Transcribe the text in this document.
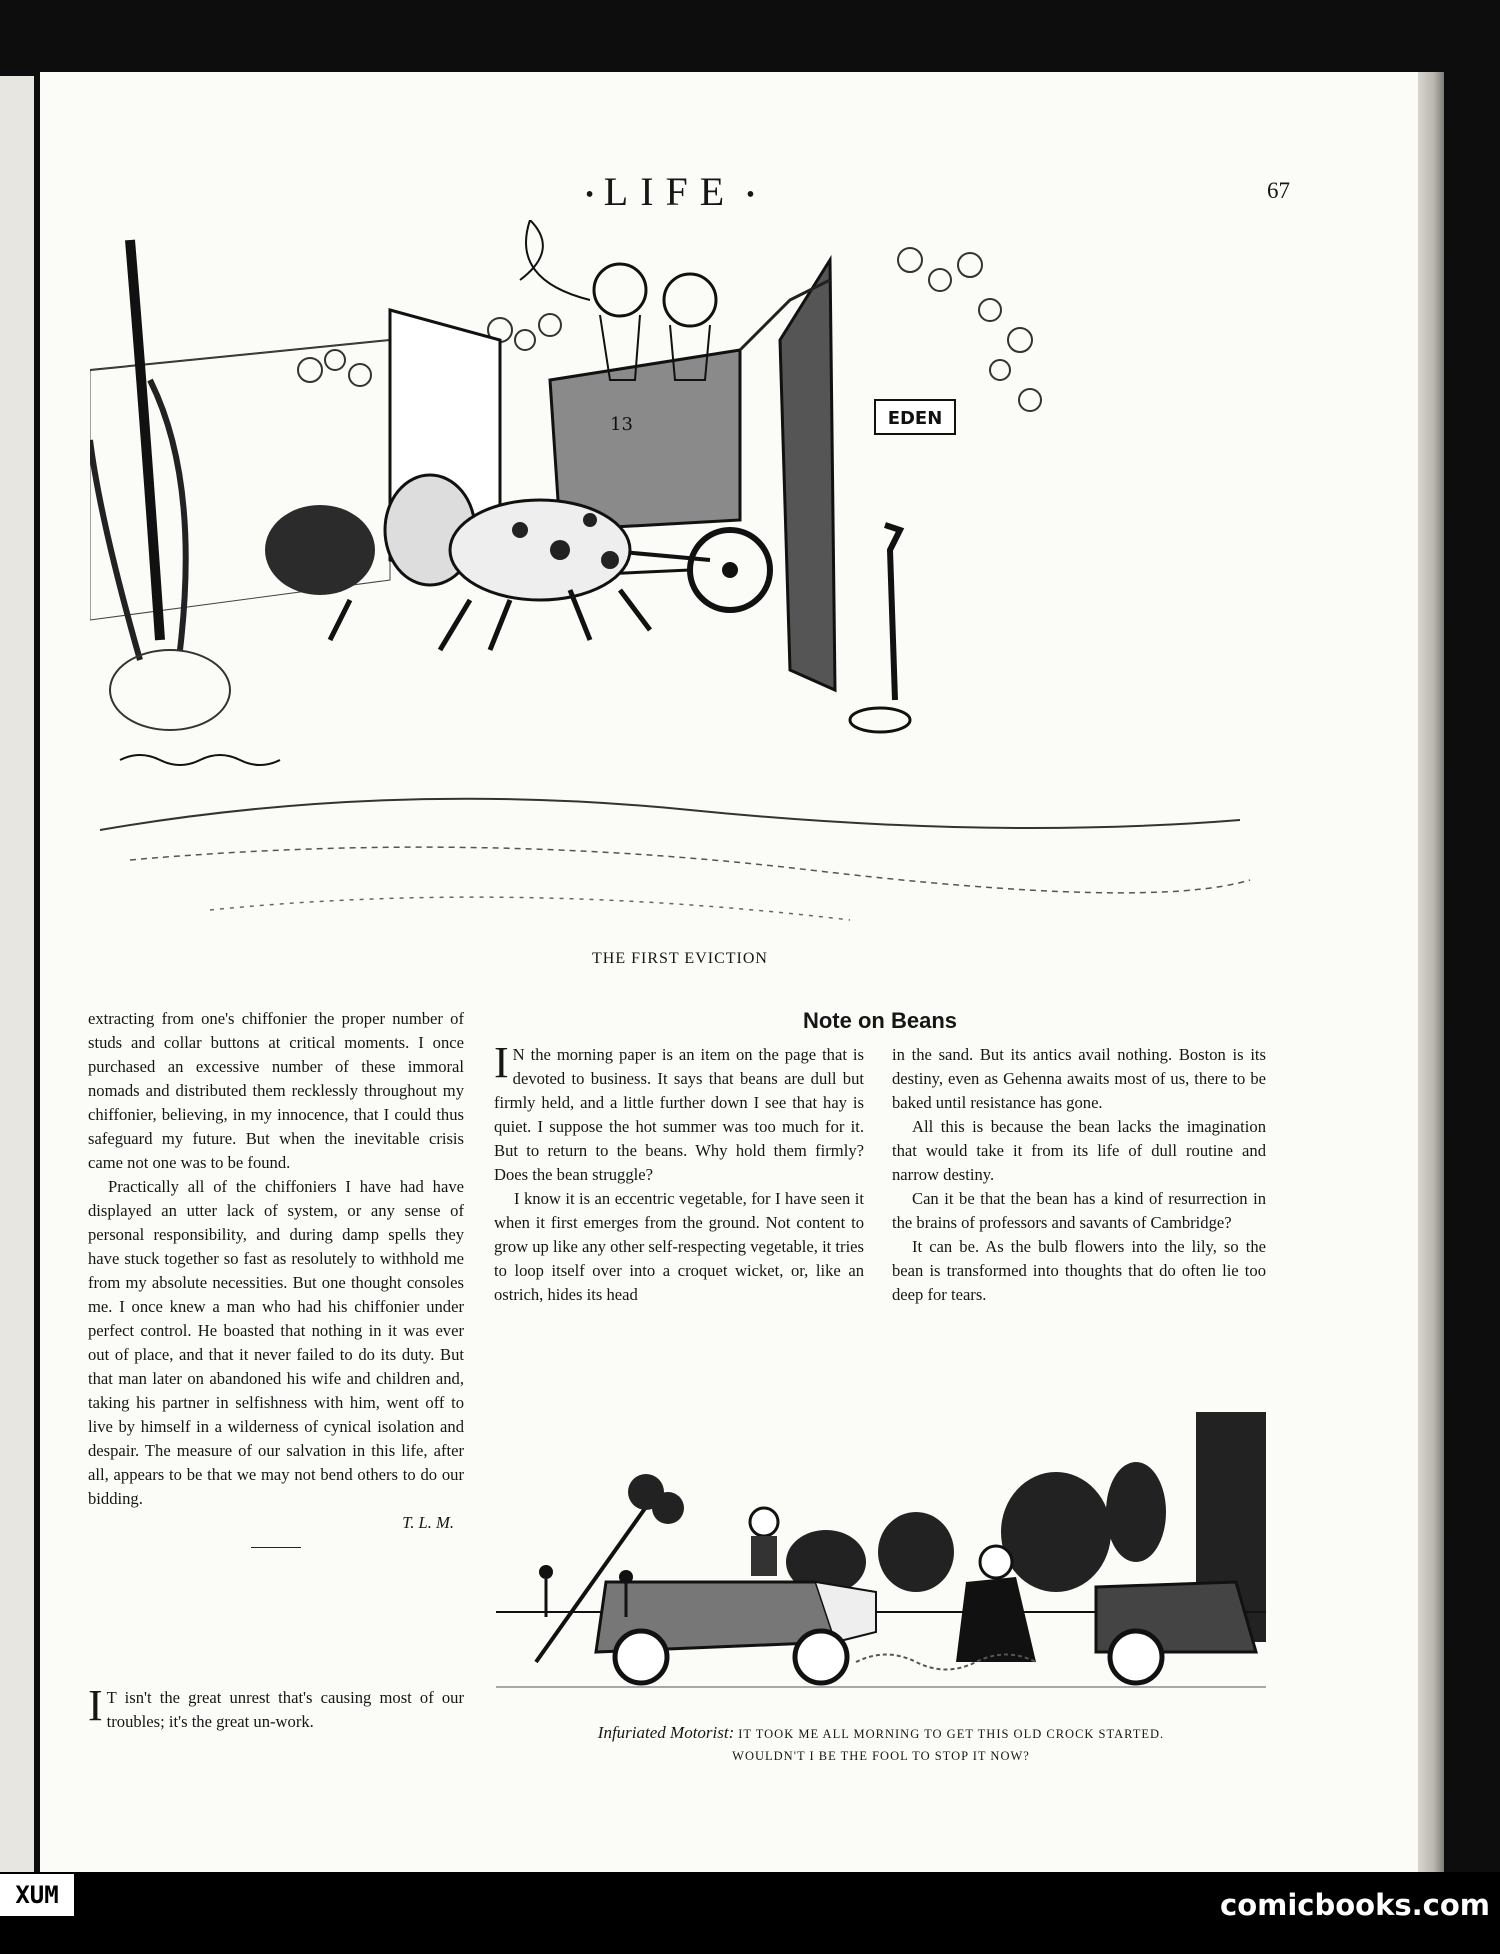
• LIFE •	67
13	EDEN
THE FIRST EVICTION

extracting from one's chiffonier the proper number of studs and collar buttons at critical moments. I once purchased an excessive number of these immoral nomads and distributed them recklessly throughout my chiffonier, believing, in my innocence, that I could thus safeguard my future. But when the inevitable crisis came not one was to be found.

Practically all of the chiffoniers I have had have displayed an utter lack of system, or any sense of personal responsibility, and during damp spells they have stuck together so fast as resolutely to withhold me from my absolute necessities. But one thought consoles me. I once knew a man who had his chiffonier under perfect control. He boasted that nothing in it was ever out of place, and that it never failed to do its duty. But that man later on abandoned his wife and children and, taking his partner in selfishness with him, went off to live by himself in a wilderness of cynical isolation and despair. The measure of our salvation in this life, after all, appears to be that we may not bend others to do our bidding.

T. L. M.
I T isn't the great unrest that's causing most of our troubles; it's the great un-work.
Note on Beans

I N the morning paper is an item on the page that is devoted to business. It says that beans are dull but firmly held, and a little further down I see that hay is quiet. I suppose the hot summer was too much for it. But to return to the beans. Why hold them firmly? Does the bean struggle?

I know it is an eccentric vegetable, for I have seen it when it first emerges from the ground. Not content to grow up like any other self-respecting vegetable, it tries to loop itself over into a croquet wicket, or, like an ostrich, hides its head

in the sand. But its antics avail nothing. Boston is its destiny, even as Gehenna awaits most of us, there to be baked until resistance has gone.

All this is because the bean lacks the imagination that would take it from its life of dull routine and narrow destiny.

Can it be that the bean has a kind of resurrection in the brains of professors and savants of Cambridge?

It can be. As the bulb flowers into the lily, so the bean is transformed into thoughts that do often lie too deep for tears.

Infuriated Motorist: IT TOOK ME ALL MORNING TO GET THIS OLD CROCK STARTED.
WOULDN'T I BE THE FOOL TO STOP IT NOW?
XUM	comicbooks.com
